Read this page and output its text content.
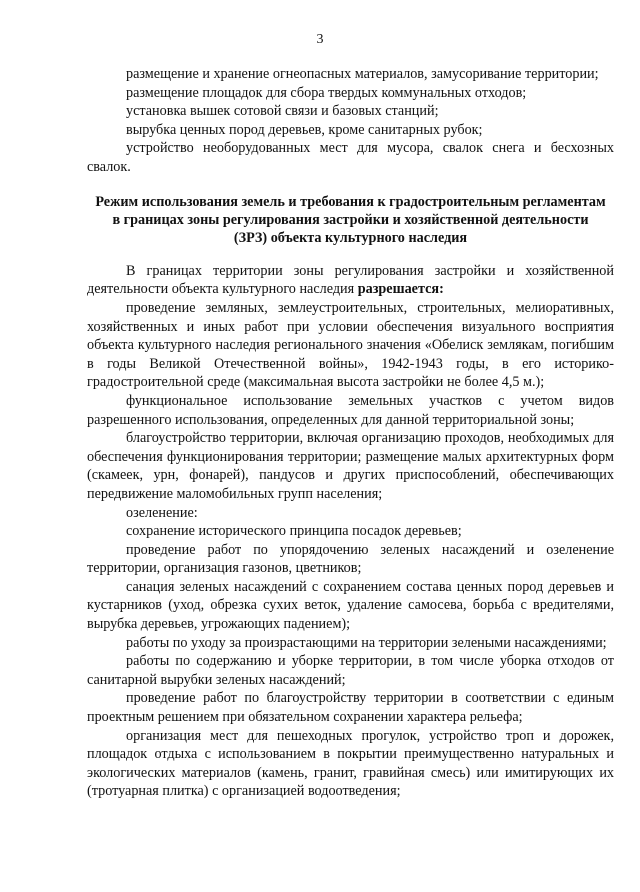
3

размещение и хранение огнеопасных материалов, замусоривание территории;

размещение площадок для сбора твердых коммунальных отходов;

установка вышек сотовой связи и базовых станций;

вырубка ценных пород деревьев, кроме санитарных рубок;

устройство необорудованных мест для мусора, свалок снега и бесхозных свалок.

Режим использования земель и требования к градостроительным регламентам в границах зоны регулирования застройки и хозяйственной деятельности (ЗРЗ) объекта культурного наследия

В границах территории зоны регулирования застройки и хозяйственной деятельности объекта культурного наследия разрешается:

проведение земляных, землеустроительных, строительных, мелиоративных, хозяйственных и иных работ при условии обеспечения визуального восприятия объекта культурного наследия регионального значения «Обелиск землякам, погибшим в годы Великой Отечественной войны», 1942-1943 годы, в его историко-градостроительной среде (максимальная высота застройки не более 4,5 м.);

функциональное использование земельных участков с учетом видов разрешенного использования, определенных для данной территориальной зоны;

благоустройство территории, включая организацию проходов, необходимых для обеспечения функционирования территории; размещение малых архитектурных форм (скамеек, урн, фонарей), пандусов и других приспособлений, обеспечивающих передвижение маломобильных групп населения;

озеленение:

сохранение исторического принципа посадок деревьев;

проведение работ по упорядочению зеленых насаждений и озеленение территории, организация газонов, цветников;

санация зеленых насаждений с сохранением состава ценных пород деревьев и кустарников (уход, обрезка сухих веток, удаление самосева, борьба с вредителями, вырубка деревьев, угрожающих падением);

работы по уходу за произрастающими на территории зелеными насаждениями;

работы по содержанию и уборке территории, в том числе уборка отходов от санитарной вырубки зеленых насаждений;

проведение работ по благоустройству территории в соответствии с единым проектным решением при обязательном сохранении характера рельефа;

организация мест для пешеходных прогулок, устройство троп и дорожек, площадок отдыха с использованием в покрытии преимущественно натуральных и экологических материалов (камень, гранит, гравийная смесь) или имитирующих их (тротуарная плитка) с организацией водоотведения;
